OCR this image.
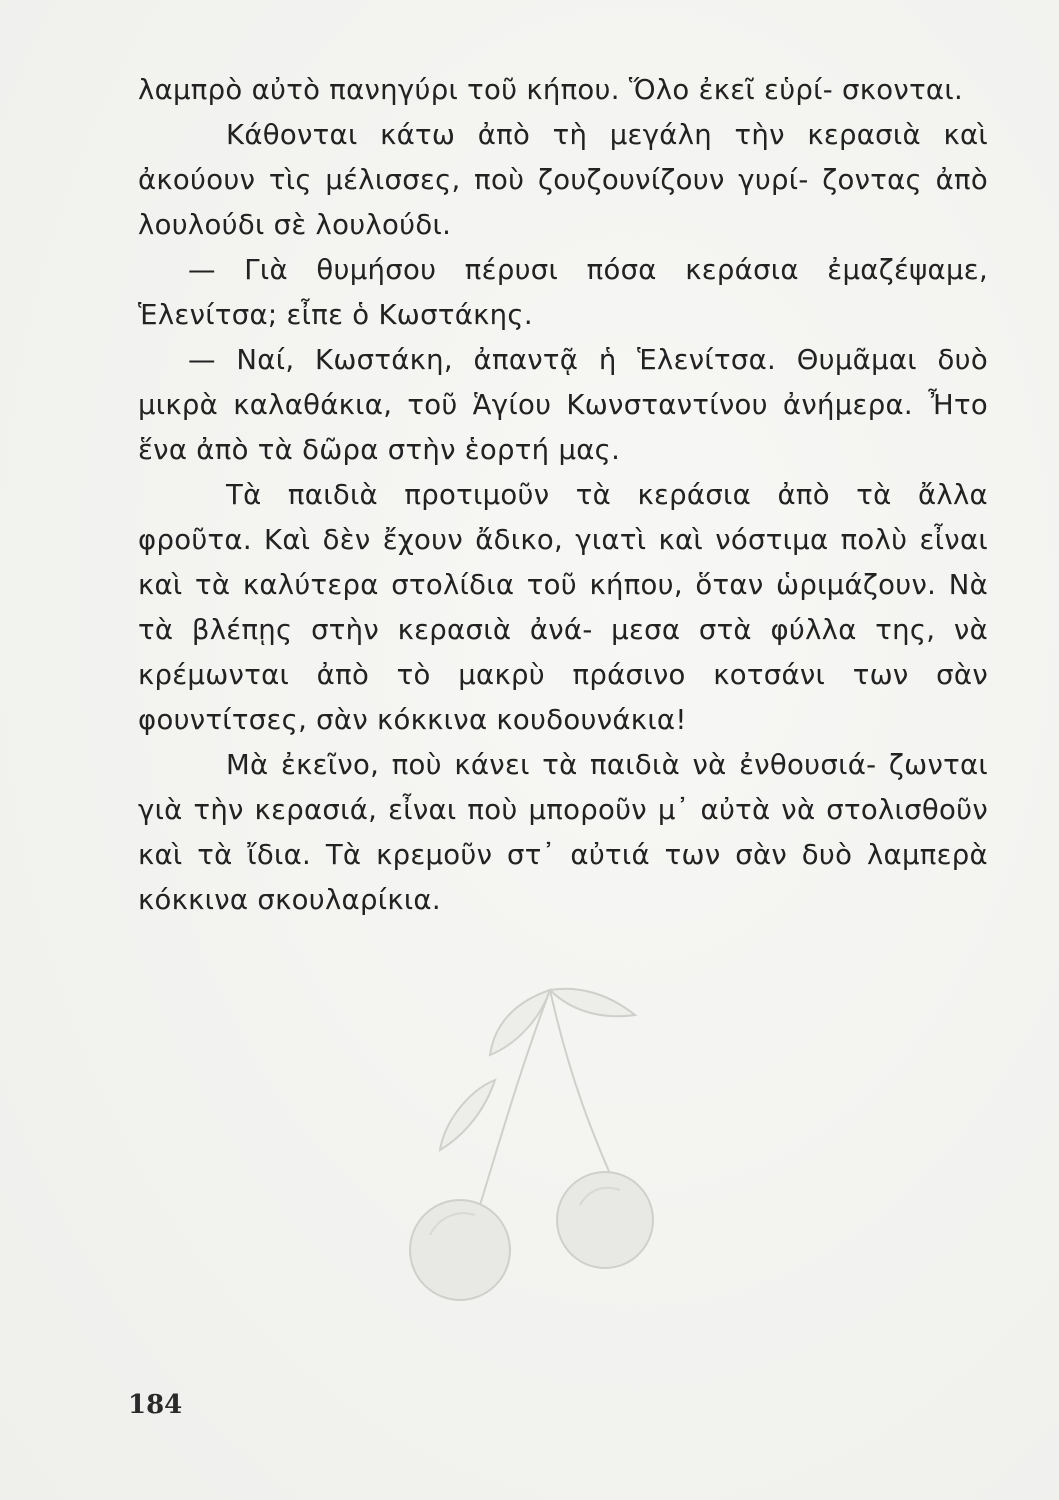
λαμπρὸ αὐτὸ πανηγύρι τοῦ κήπου. Ὅλο ἐκεῖ εὑρί- σκονται.

Κάθονται κάτω ἀπὸ τὴ μεγάλη τὴν κερασιὰ καὶ ἀκούουν τὶς μέλισσες, ποὺ ζουζουνίζουν γυρί- ζοντας ἀπὸ λουλούδι σὲ λουλούδι.

— Γιὰ θυμήσου πέρυσι πόσα κεράσια ἐμαζέψαμε, Ἑλενίτσα; εἶπε ὁ Κωστάκης.

— Ναί, Κωστάκη, ἀπαντᾷ ἡ Ἑλενίτσα. Θυμᾶμαι δυὸ μικρὰ καλαθάκια, τοῦ Ἁγίου Κωνσταντίνου ἀνήμερα. Ἦτο ἕνα ἀπὸ τὰ δῶρα στὴν ἑορτή μας.

Τὰ παιδιὰ προτιμοῦν τὰ κεράσια ἀπὸ τὰ ἄλλα φροῦτα. Καὶ δὲν ἔχουν ἄδικο, γιατὶ καὶ νόστιμα πολὺ εἶναι καὶ τὰ καλύτερα στολίδια τοῦ κήπου, ὅταν ὡριμάζουν. Νὰ τὰ βλέπῃς στὴν κερασιὰ ἀνά- μεσα στὰ φύλλα της, νὰ κρέμωνται ἀπὸ τὸ μακρὺ πράσινο κοτσάνι των σὰν φουντίτσες, σὰν κόκκινα κουδουνάκια!

Μὰ ἐκεῖνο, ποὺ κάνει τὰ παιδιὰ νὰ ἐνθουσιά- ζωνται γιὰ τὴν κερασιά, εἶναι ποὺ μποροῦν μ᾽ αὐτὰ νὰ στολισθοῦν καὶ τὰ ἴδια. Τὰ κρεμοῦν στ᾽ αὐτιά των σὰν δυὸ λαμπερὰ κόκκινα σκουλαρίκια.

184
